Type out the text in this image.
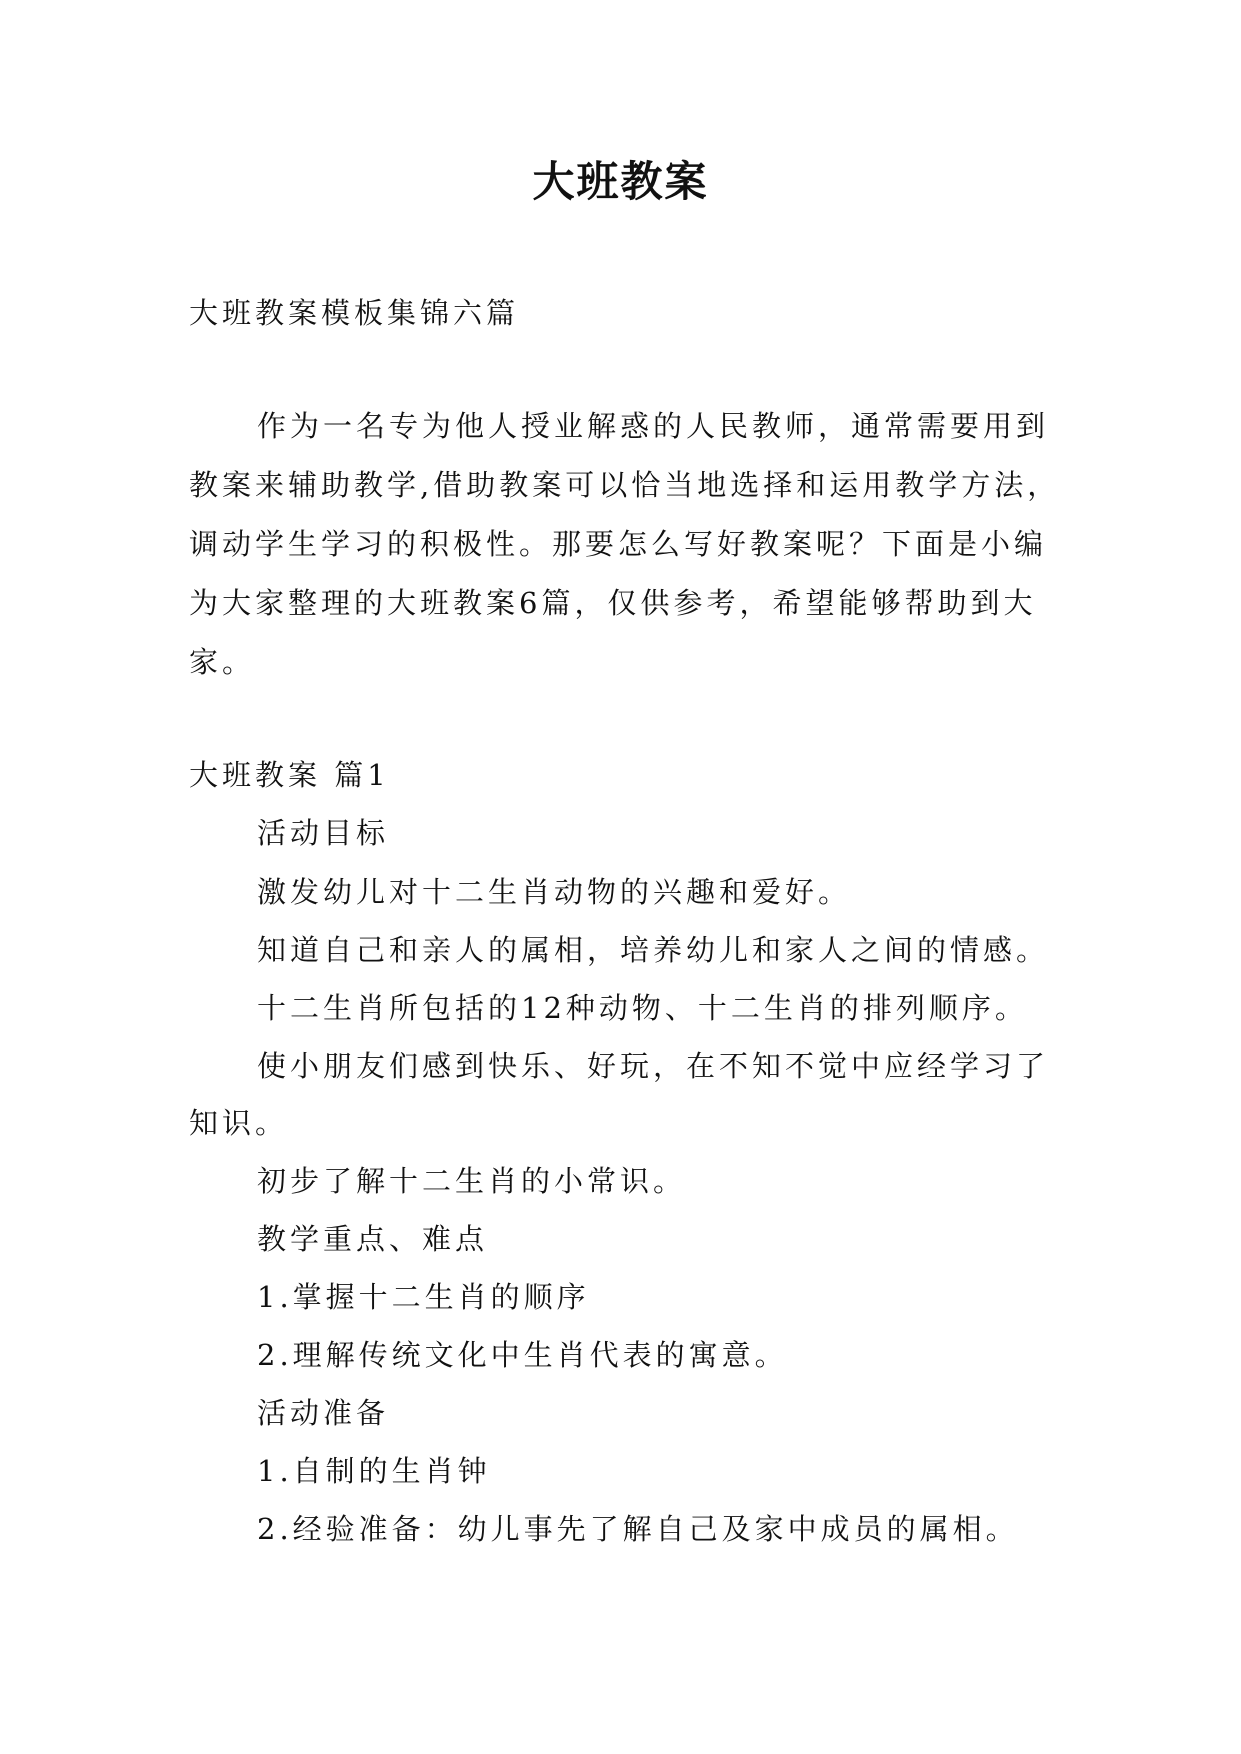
大班教案
大班教案模板集锦六篇
作为一名专为他人授业解惑的人民教师，通常需要用到
教案来辅助教学,借助教案可以恰当地选择和运用教学方法，
调动学生学习的积极性。那要怎么写好教案呢？下面是小编
为大家整理的大班教案6篇，仅供参考，希望能够帮助到大
家。
大班教案 篇1
活动目标
激发幼儿对十二生肖动物的兴趣和爱好。
知道自己和亲人的属相，培养幼儿和家人之间的情感。
十二生肖所包括的12种动物、十二生肖的排列顺序。
使小朋友们感到快乐、好玩，在不知不觉中应经学习了
知识。
初步了解十二生肖的小常识。
教学重点、难点
1.掌握十二生肖的顺序
2.理解传统文化中生肖代表的寓意。
活动准备
1.自制的生肖钟
2.经验准备：幼儿事先了解自己及家中成员的属相。
